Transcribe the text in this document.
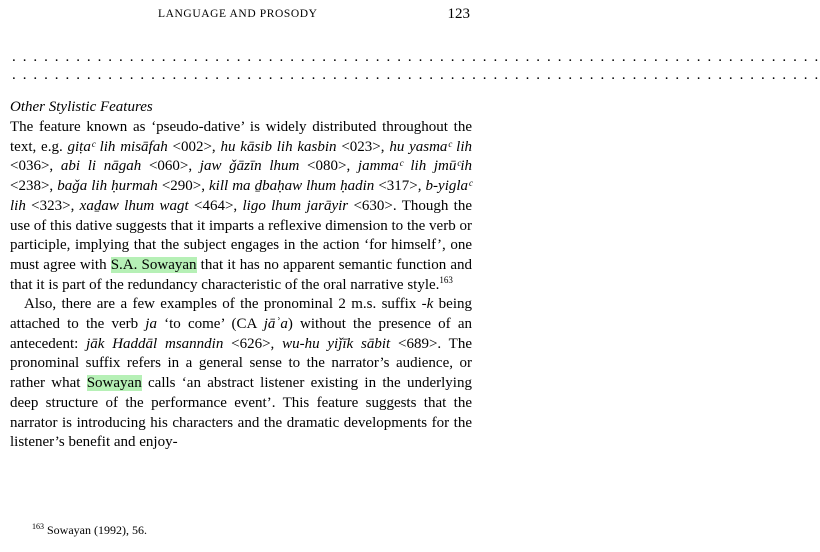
LANGUAGE AND PROSODY	123
. . . . . . . . . . . . . . . . . . . . . . . . . . . . . . . . . . . . . . . . . . . . . . . . . . . . . . . . . . . . . . . . . . . . . . . . . . . .
. . . . . . . . . . . . . . . . . . . . . . . . . . . . . . . . . . . . . . . . . . . . . . . . . . . . . . . . . . . . . . . . . . . . . . . . . . . .
Other Stylistic Features

The feature known as ‘pseudo-dative’ is widely distributed throughout the text, e.g. giṭaᶜ lih misāfah <002>, hu kāsib lih kasbin <023>, hu yasmaᶜ lih <036>, abi li nāgah <060>, jaw ǧāzīn lhum <080>, jammaᶜ lih jmūᶜih <238>, baǧa lih ḥurmah <290>, kill ma ḏbaḥaw lhum ḥadin <317>, b-yiglaᶜ lih <323>, xaḏaw lhum wagt <464>, ligo lhum jarāyir <630>. Though the use of this dative suggests that it imparts a reflexive dimension to the verb or participle, implying that the subject engages in the action ‘for himself’, one must agree with S.A. Sowayan that it has no apparent semantic function and that it is part of the redundancy characteristic of the oral narrative style.$^{163}$

Also, there are a few examples of the pronominal 2 m.s. suffix -k being attached to the verb ja ‘to come’ (CA jāʾa) without the presence of an antecedent: jāk Haddāl msanndin <626>, wu-hu yiǰīk sābit <689>. The pronominal suffix refers in a general sense to the narrator’s audience, or rather what Sowayan calls ‘an abstract listener existing in the underlying deep structure of the performance event’. This feature suggests that the narrator is introducing his characters and the dramatic developments for the listener’s benefit and enjoy-

$^{163}$ Sowayan (1992), 56.
